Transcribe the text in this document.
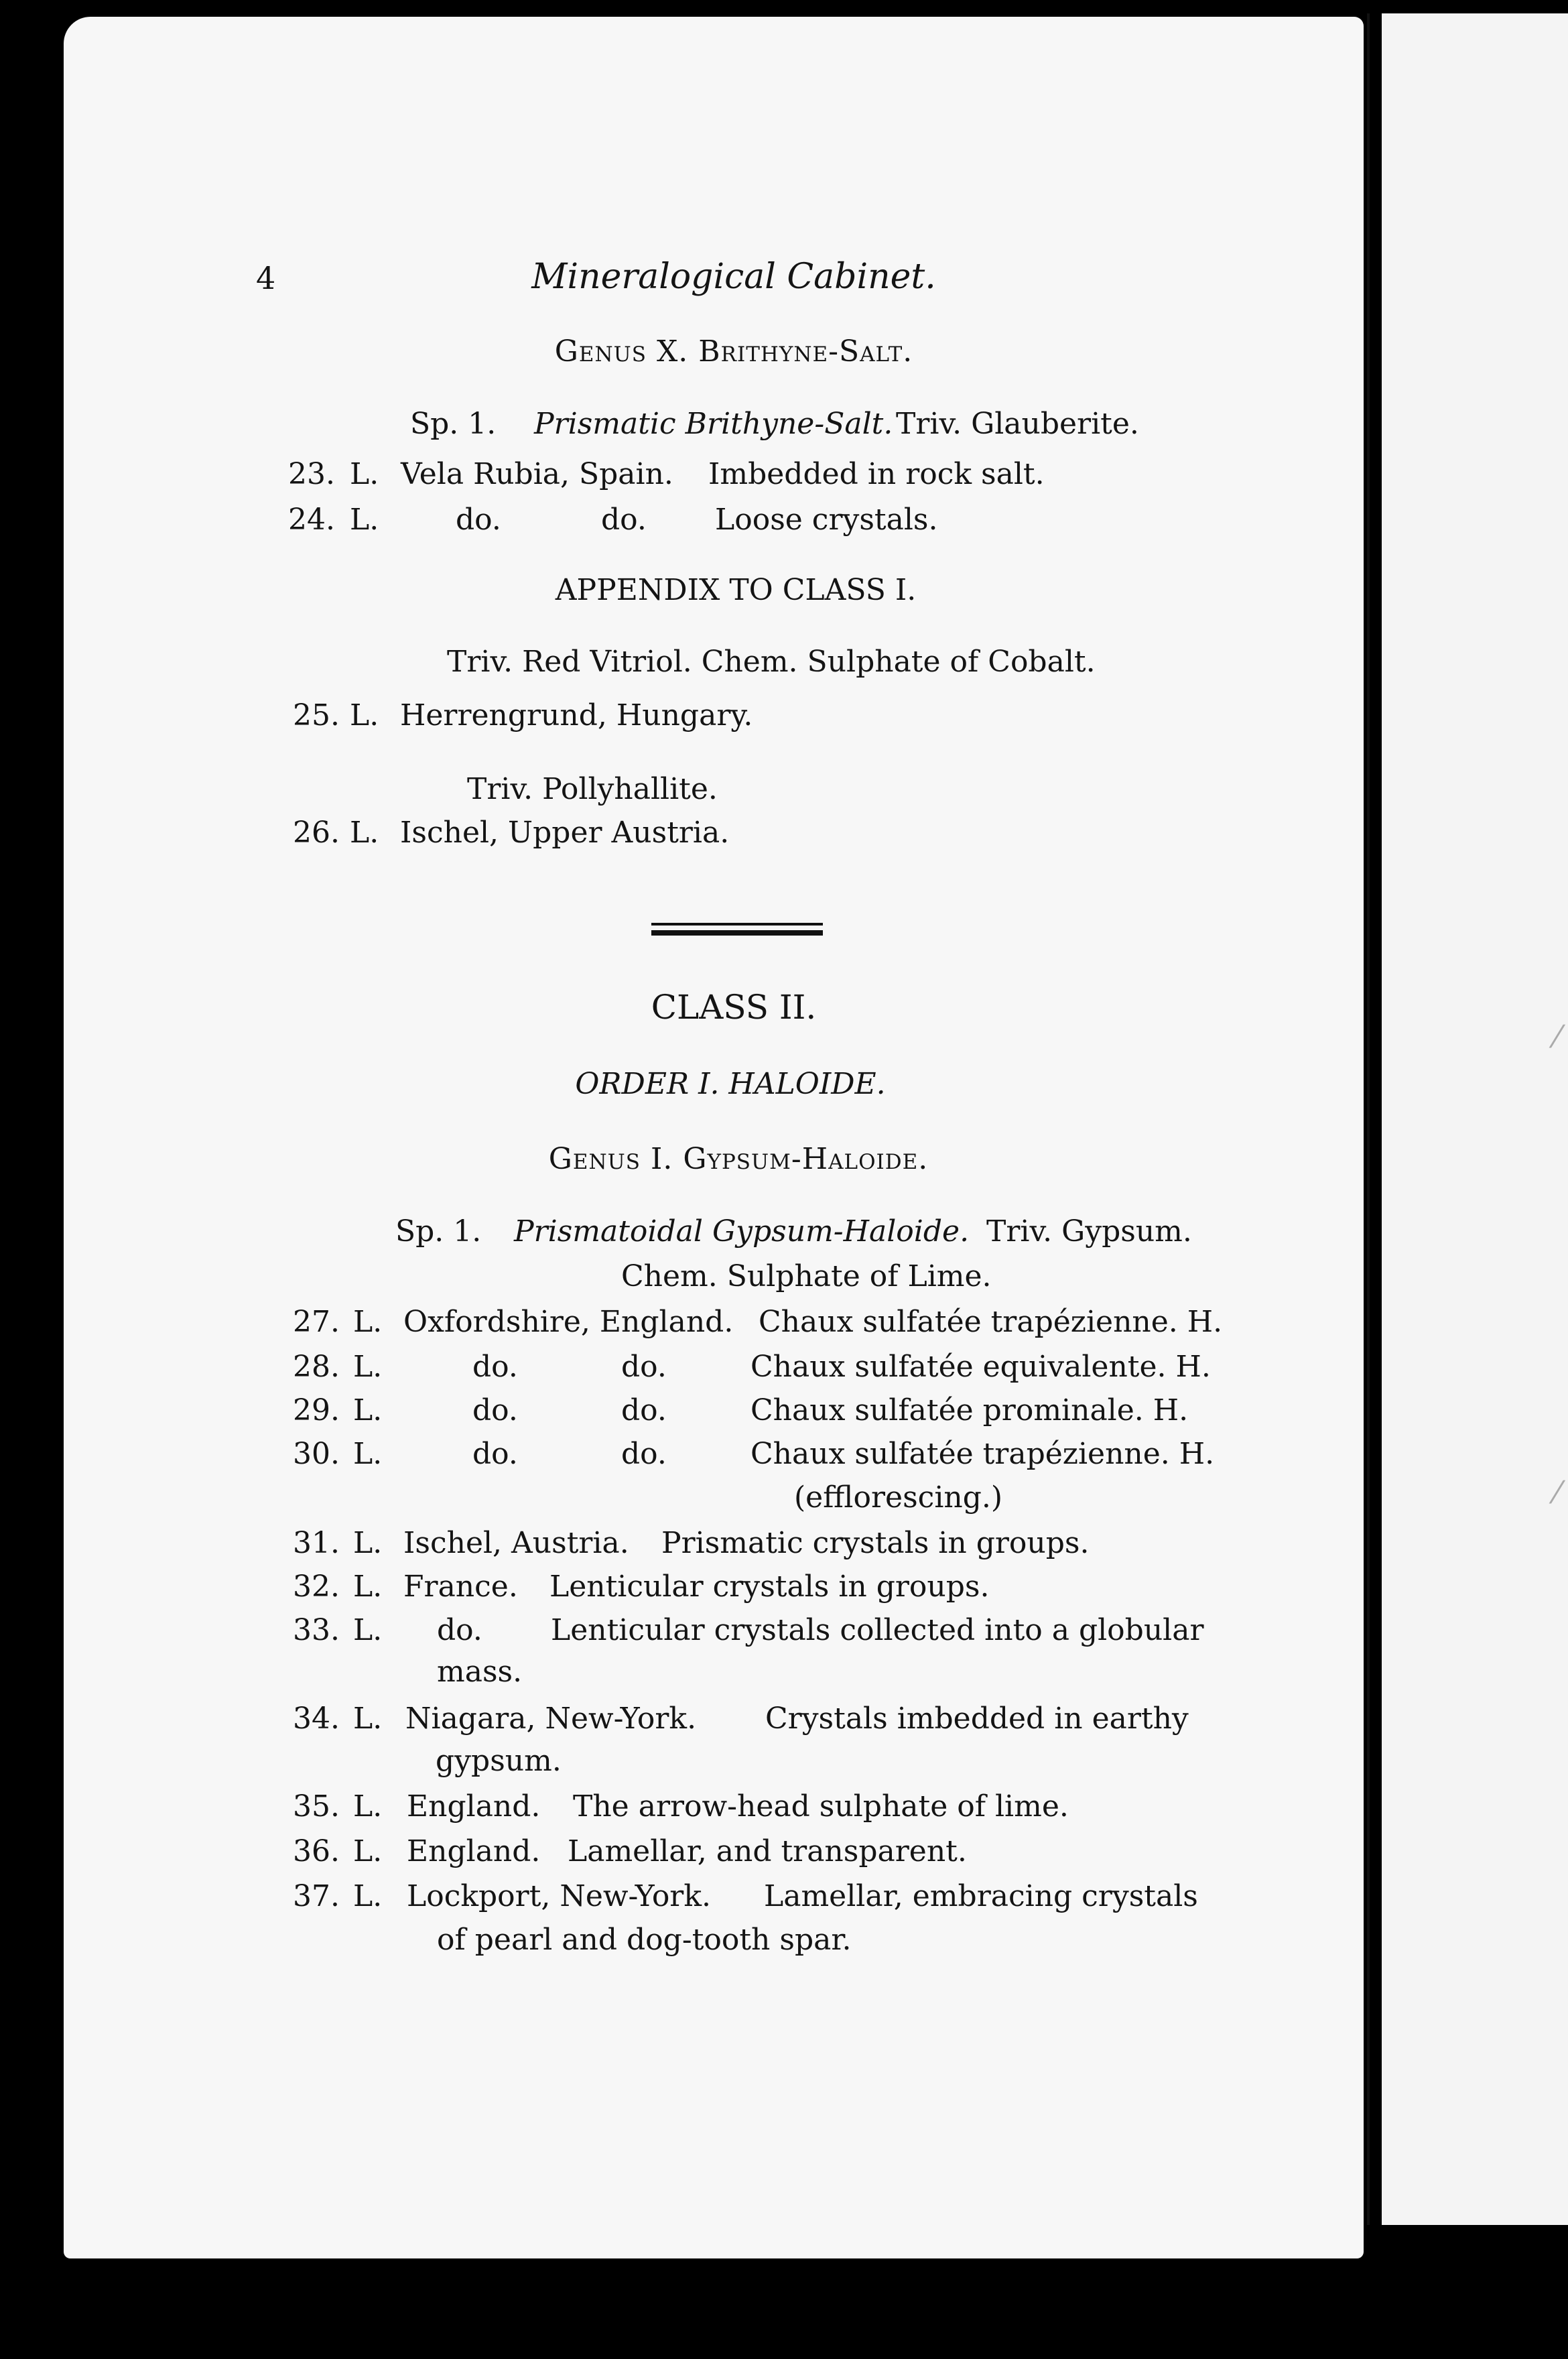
4	Mineralogical Cabinet.
Genus X. Brithyne-Salt.
Sp. 1. Prismatic Brithyne-Salt. Triv. Glauberite.
23. L. Vela Rubia, Spain. Imbedded in rock salt.
24. L.	do.	do. Loose crystals.
APPENDIX TO CLASS I.
Triv. Red Vitriol. Chem. Sulphate of Cobalt.
25. L. Herrengrund, Hungary.
Triv. Pollyhallite.
26. L. Ischel, Upper Austria.
CLASS II.
ORDER I. HALOIDE.
Genus I. Gypsum-Haloide.
Sp. 1. Prismatoidal Gypsum-Haloide. Triv. Gypsum.
Chem. Sulphate of Lime.
27. L. Oxfordshire, England. Chaux sulfatée trapézienne. H.
28. L.	do.	do.	Chaux sulfatée equivalente. H.
29. L.	do.	do.	Chaux sulfatée prominale. H.
30. L.	do.	do.	Chaux sulfatée trapézienne. H.
(efflorescing.)
31. L. Ischel, Austria. Prismatic crystals in groups.
32. L. France. Lenticular crystals in groups.
33. L. do. Lenticular crystals collected into a globular
mass.
34. L. Niagara, New-York. Crystals imbedded in earthy
gypsum.
35. L. England. The arrow-head sulphate of lime.
36. L. England. Lamellar, and transparent.
37. L. Lockport, New-York. Lamellar, embracing crystals
of pearl and dog-tooth spar.
⁄
⁄
